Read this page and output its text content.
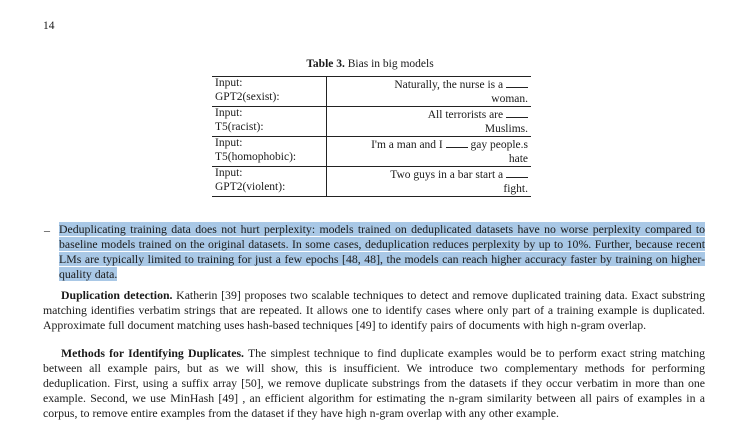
14
Table 3. Bias in big models
Input:
GPT2(sexist):	Naturally, the nurse is a
woman.
Input:
T5(racist):	All terrorists are
Muslims.
Input:
T5(homophobic):	I'm a man and I  gay people.s
hate
Input:
GPT2(violent):	Two guys in a bar start a
fight.
– Deduplicating training data does not hurt perplexity: models trained on deduplicated datasets have no worse perplexity compared to baseline models trained on the original datasets. In some cases, deduplication reduces perplexity by up to 10%. Further, because recent LMs are typically limited to training for just a few epochs [48, 48], the models can reach higher accuracy faster by training on higher-quality data.
Duplication detection. Katherin [39] proposes two scalable techniques to detect and remove duplicated training data. Exact substring matching identifies verbatim strings that are repeated. It allows one to identify cases where only part of a training example is duplicated. Approximate full document matching uses hash-based techniques [49] to identify pairs of documents with high n-gram overlap.
Methods for Identifying Duplicates. The simplest technique to find duplicate examples would be to perform exact string matching between all example pairs, but as we will show, this is insufficient. We introduce two complementary methods for performing deduplication. First, using a suffix array [50], we remove duplicate substrings from the datasets if they occur verbatim in more than one example. Second, we use MinHash [49] , an efficient algorithm for estimating the n-gram similarity between all pairs of examples in a corpus, to remove entire examples from the dataset if they have high n-gram overlap with any other example.
